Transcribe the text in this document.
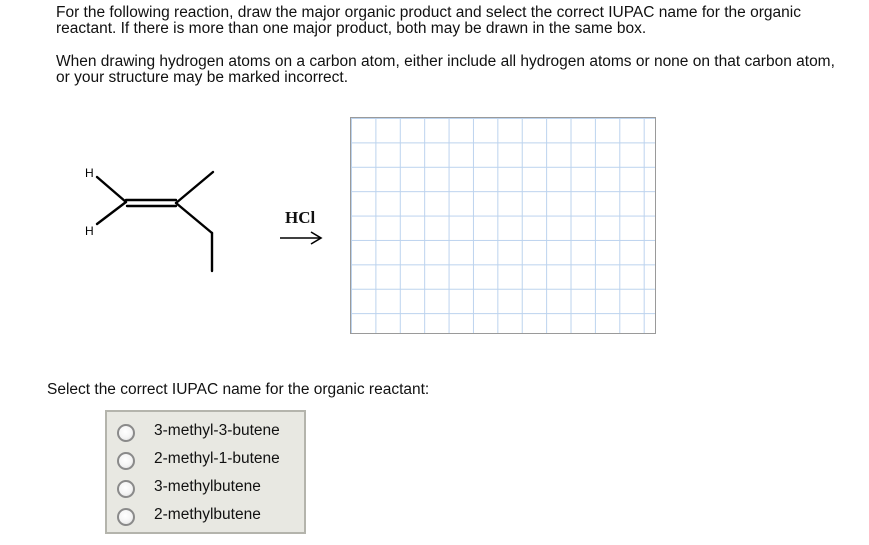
For the following reaction, draw the major organic product and select the correct IUPAC name for the organic reactant. If there is more than one major product, both may be drawn in the same box.

When drawing hydrogen atoms on a carbon atom, either include all hydrogen atoms or none on that carbon atom, or your structure may be marked incorrect.

H
H
HCl

Select the correct IUPAC name for the organic reactant:

3-methyl-3-butene
2-methyl-1-butene
3-methylbutene
2-methylbutene
